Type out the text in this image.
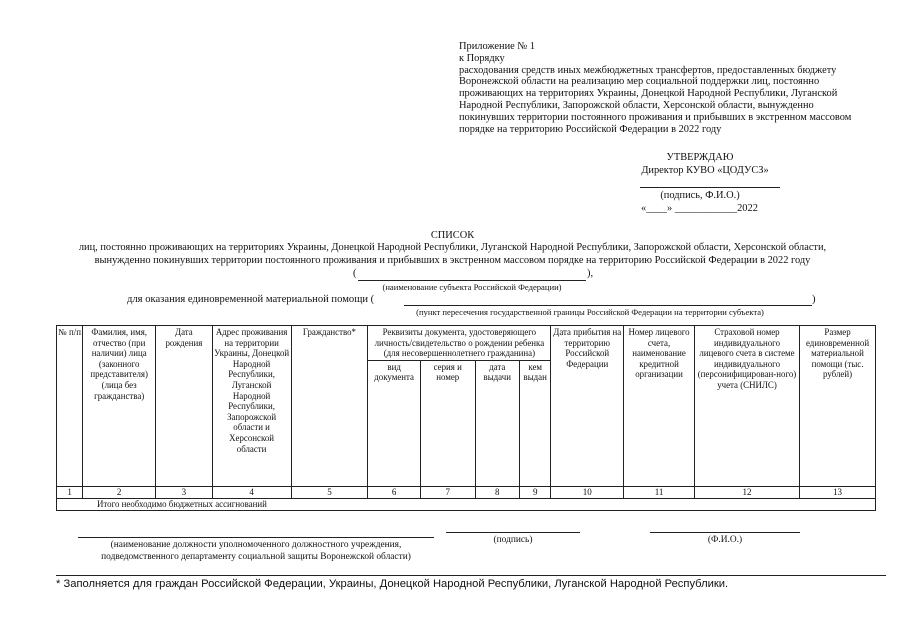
Приложение № 1
к Порядку
расходования средств иных межбюджетных трансфертов, предоставленных бюджету
Воронежской области на реализацию мер социальной поддержки лиц, постоянно
проживающих на территориях Украины, Донецкой Народной Республики, Луганской
Народной Республики, Запорожской области, Херсонской области, вынужденно
покинувших территории постоянного проживания и прибывших в экстренном массовом
порядке на территорию Российской Федерации в 2022 году
УТВЕРЖДАЮ
Директор КУВО «ЦОДУСЗ»
(подпись, Ф.И.О.)
«____» ____________2022
СПИСОК
лиц, постоянно проживающих на территориях Украины, Донецкой Народной Республики, Луганской Народной Республики, Запорожской области, Херсонской области,
вынужденно покинувших территории постоянного проживания и прибывших в экстренном массовом порядке на территорию Российской Федерации в 2022 году
(	),
(наименование субъекта Российской Федерации)
для оказания единовременной материальной помощи (	)
(пункт пересечения государственной границы Российской Федерации на территории субъекта)
№ п/п	Фамилия, имя, отчество (при наличии) лица (законного представителя) (лица без гражданства)	Дата рождения	Адрес проживания на территории Украины, Донецкой Народной Республики, Луганской Народной Республики, Запорожской области и Херсонской области	Гражданство*	Реквизиты документа, удостоверяющего личность/свидетельство о рождении ребенка (для несовершеннолетнего гражданина)				Дата прибытия на территорию Российской Федерации	Номер лицевого счета, наименование кредитной организации	Страховой номер индивидуального лицевого счета в системе индивидуального (персонифицирован-ного) учета (СНИЛС)	Размер единовременной материальной помощи (тыс. рублей)
					вид документа	серия и номер	дата выдачи	кем выдан				
1	2	3	4	5	6	7	8	9	10	11	12	13
Итого необходимо бюджетных ассигнований												
(наименование должности уполномоченного должностного учреждения,
подведомственного департаменту социальной защиты Воронежской области)
(подпись)	(Ф.И.О.)
* Заполняется для граждан Российской Федерации, Украины, Донецкой Народной Республики, Луганской Народной Республики.
